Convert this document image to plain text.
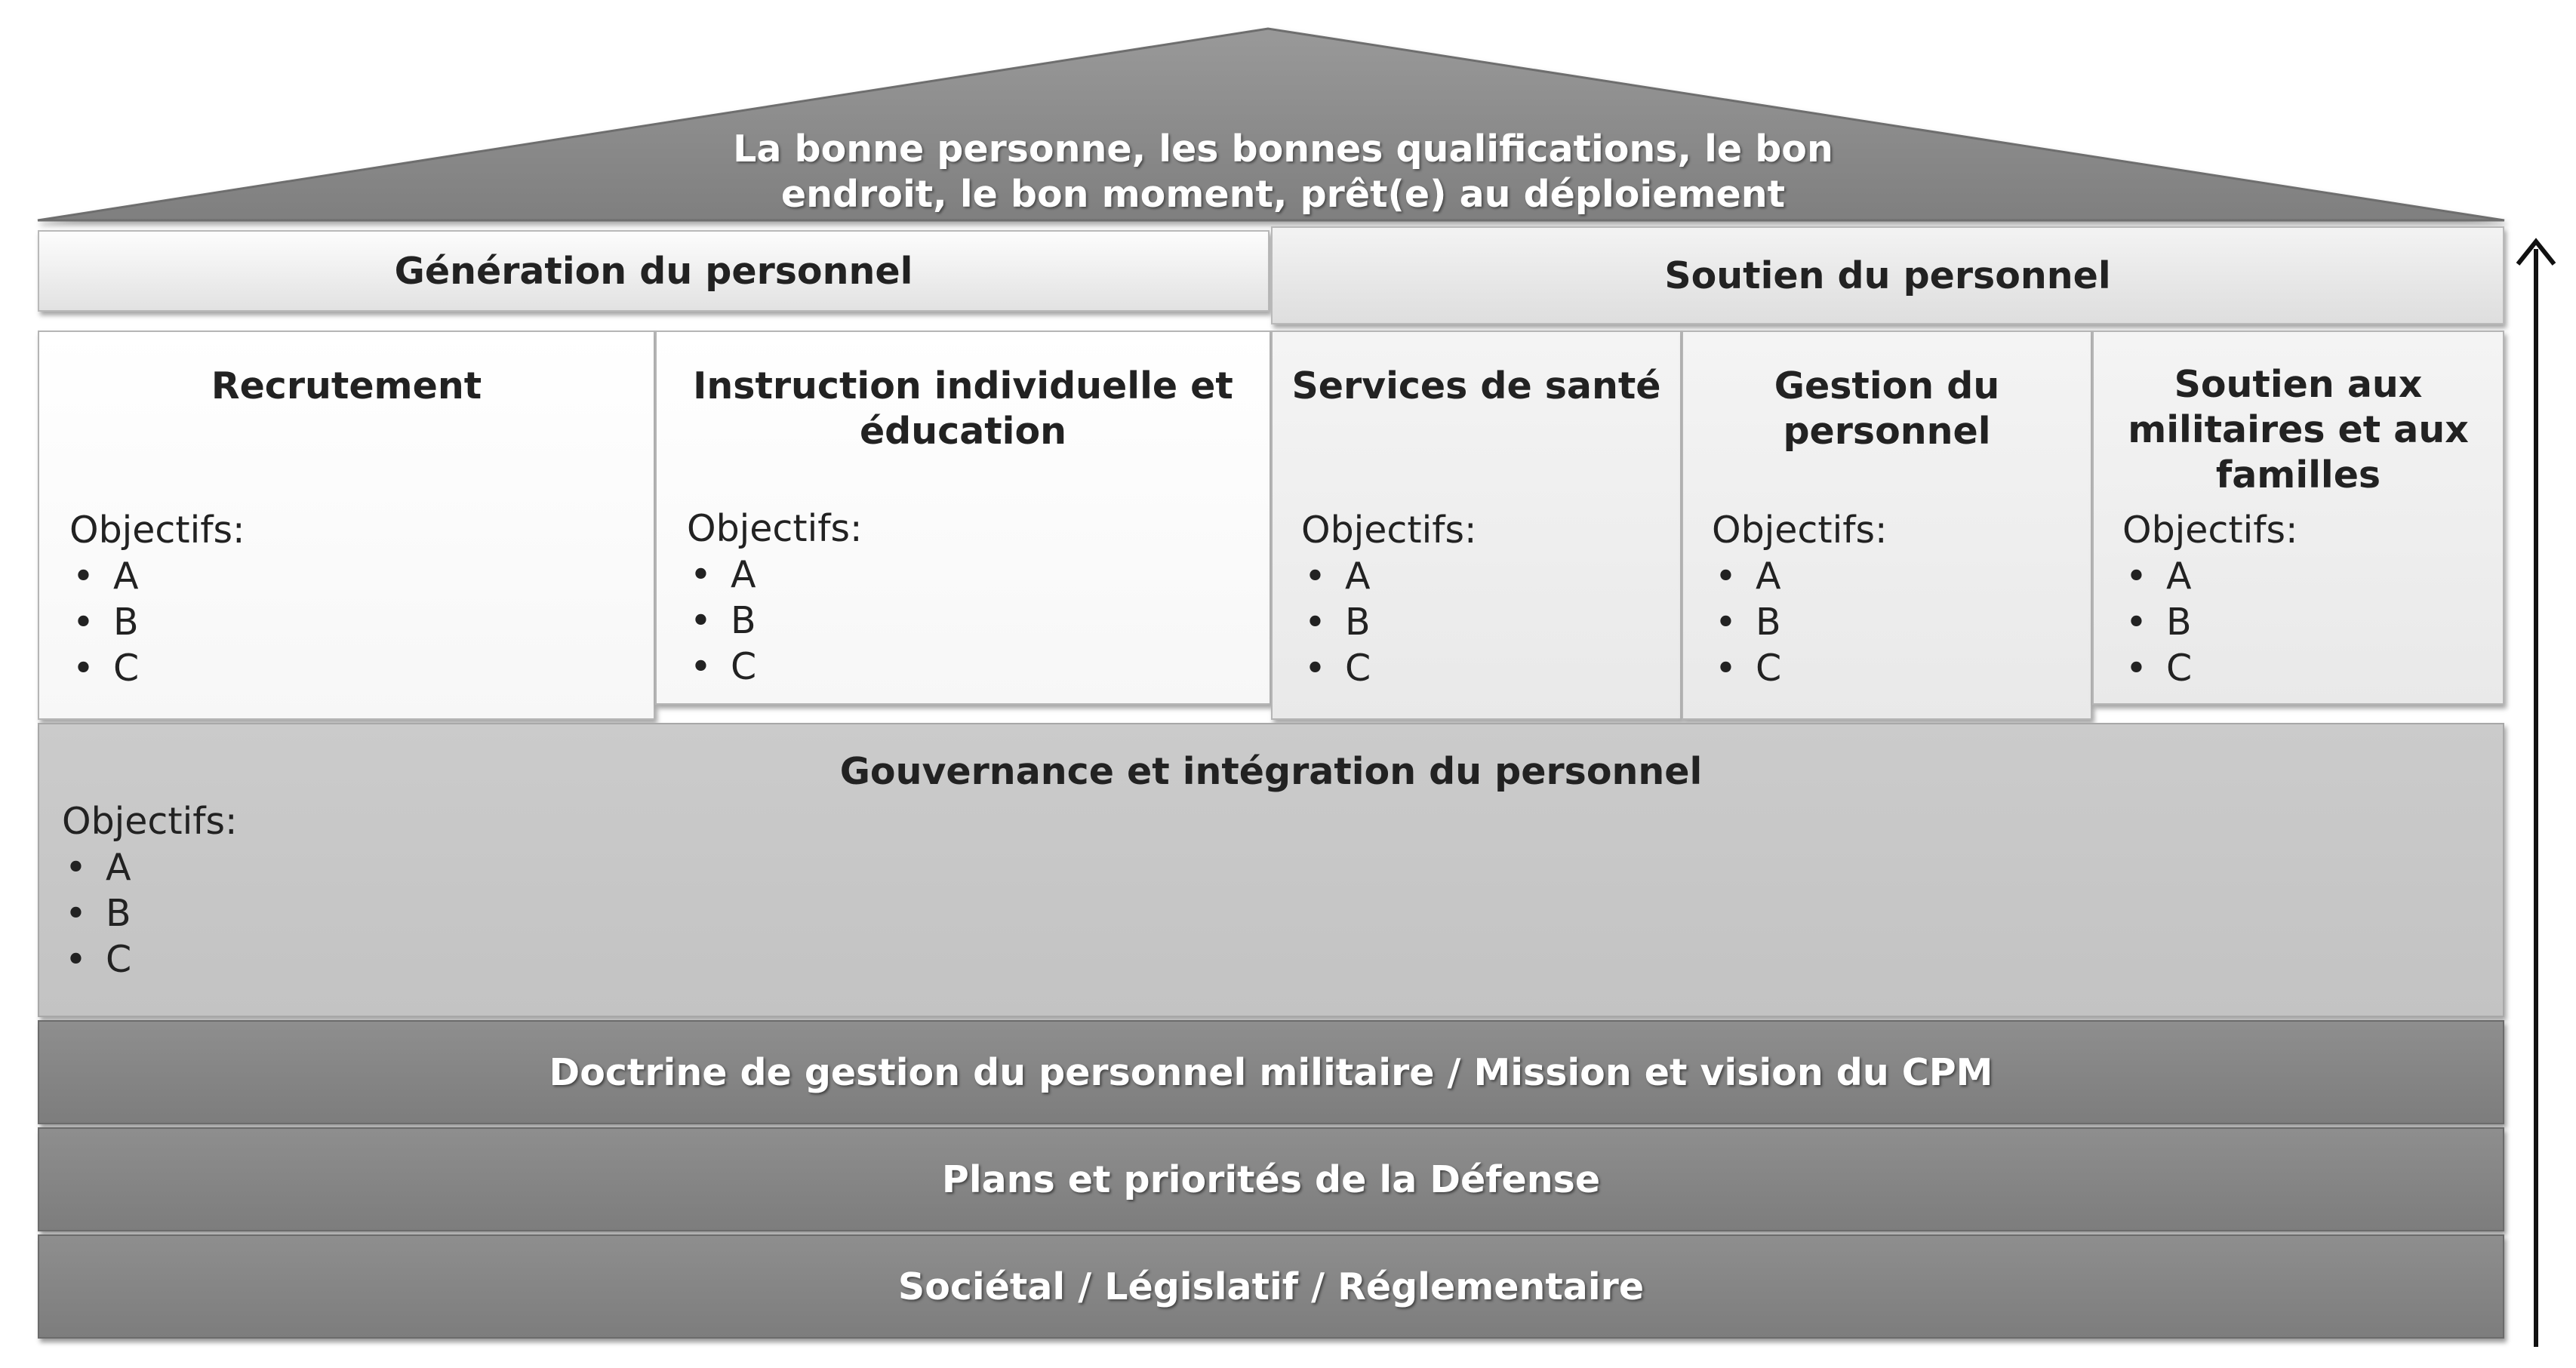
La bonne personne, les bonnes qualifications, le bon
endroit, le bon moment, prêt(e) au déploiement
Génération du personnel	Soutien du personnel
Recrutement
Objectifs:
• A
• B
• C
Instruction individuelle et éducation
Objectifs:
• A
• B
• C
Services de santé
Objectifs:
• A
• B
• C
Gestion du personnel
Objectifs:
• A
• B
• C
Soutien aux militaires et aux familles
Objectifs:
• A
• B
• C
Gouvernance et intégration du personnel
Objectifs:
• A
• B
• C
Doctrine de gestion du personnel militaire / Mission et vision du CPM
Plans et priorités de la Défense
Sociétal / Législatif / Réglementaire
